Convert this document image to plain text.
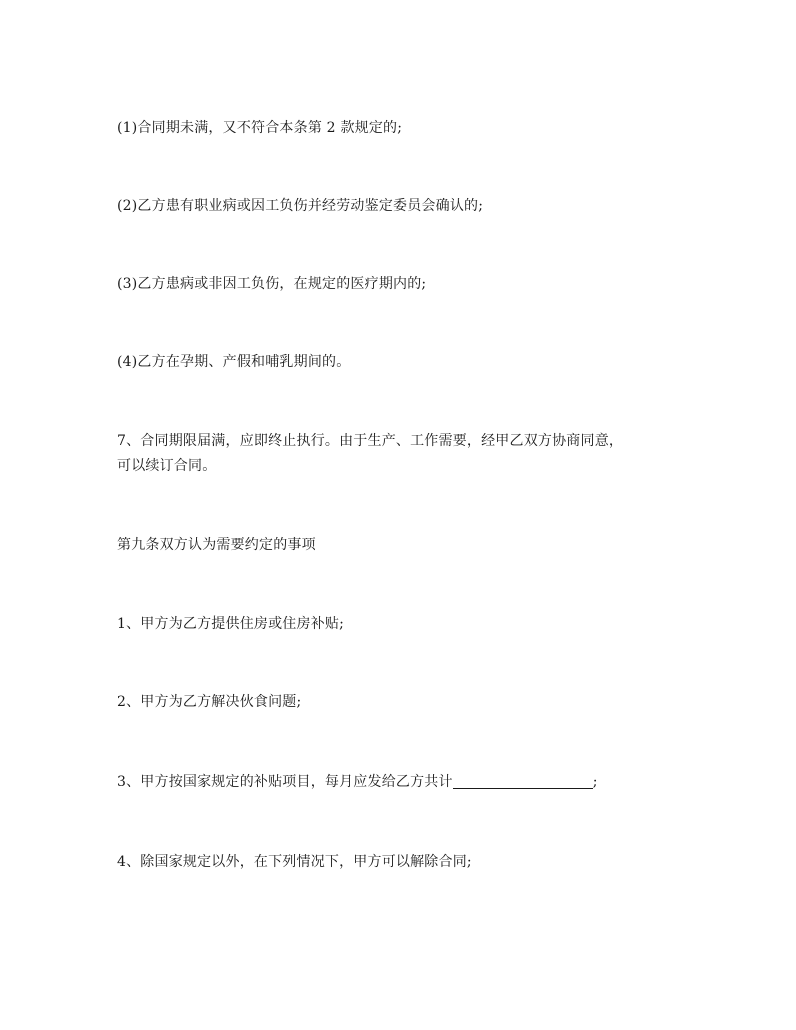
(1)合同期未满，又不符合本条第 2 款规定的;
(2)乙方患有职业病或因工负伤并经劳动鉴定委员会确认的;
(3)乙方患病或非因工负伤，在规定的医疗期内的;
(4)乙方在孕期、产假和哺乳期间的。
7、合同期限届满，应即终止执行。由于生产、工作需要，经甲乙双方协商同意，
可以续订合同。
第九条双方认为需要约定的事项
1、甲方为乙方提供住房或住房补贴;
2、甲方为乙方解决伙食问题;
3、甲方按国家规定的补贴项目，每月应发给乙方共计	;
4、除国家规定以外，在下列情况下，甲方可以解除合同;
